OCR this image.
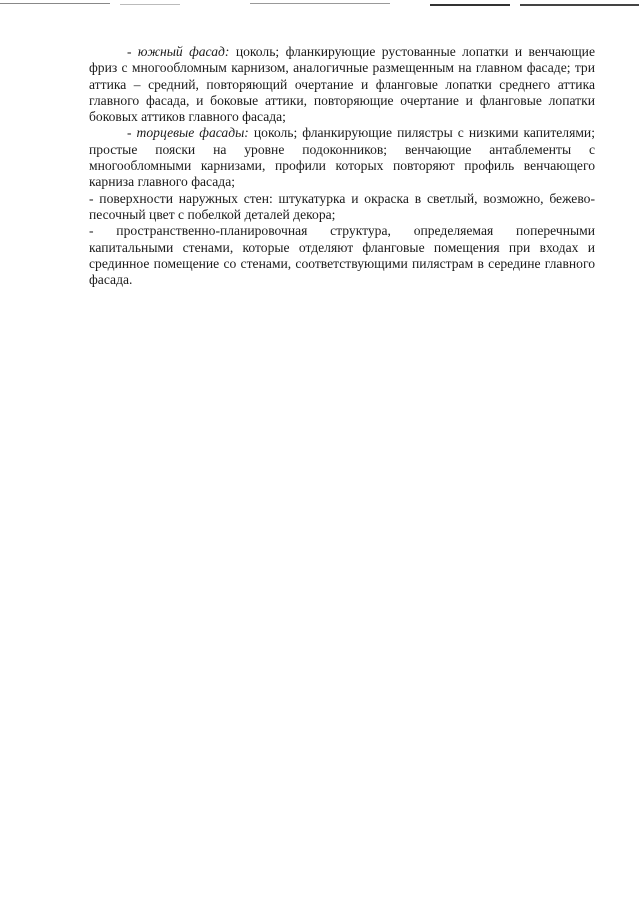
- южный фасад: цоколь; фланкирующие рустованные лопатки и венчающие фриз с многообломным карнизом, аналогичные размещенным на главном фасаде; три аттика – средний, повторяющий очертание и фланговые лопатки среднего аттика главного фасада, и боковые аттики, повторяющие очертание и фланговые лопатки боковых аттиков главного фасада;

- торцевые фасады: цоколь; фланкирующие пилястры с низкими капителями; простые пояски на уровне подоконников; венчающие антаблементы с многообломными карнизами, профили которых повторяют профиль венчающего карниза главного фасада;

- поверхности наружных стен: штукатурка и окраска в светлый, возможно, бежево-песочный цвет с побелкой деталей декора;

- пространственно-планировочная структура, определяемая поперечными капитальными стенами, которые отделяют фланговые помещения при входах и срединное помещение со стенами, соответствующими пилястрам в середине главного фасада.
